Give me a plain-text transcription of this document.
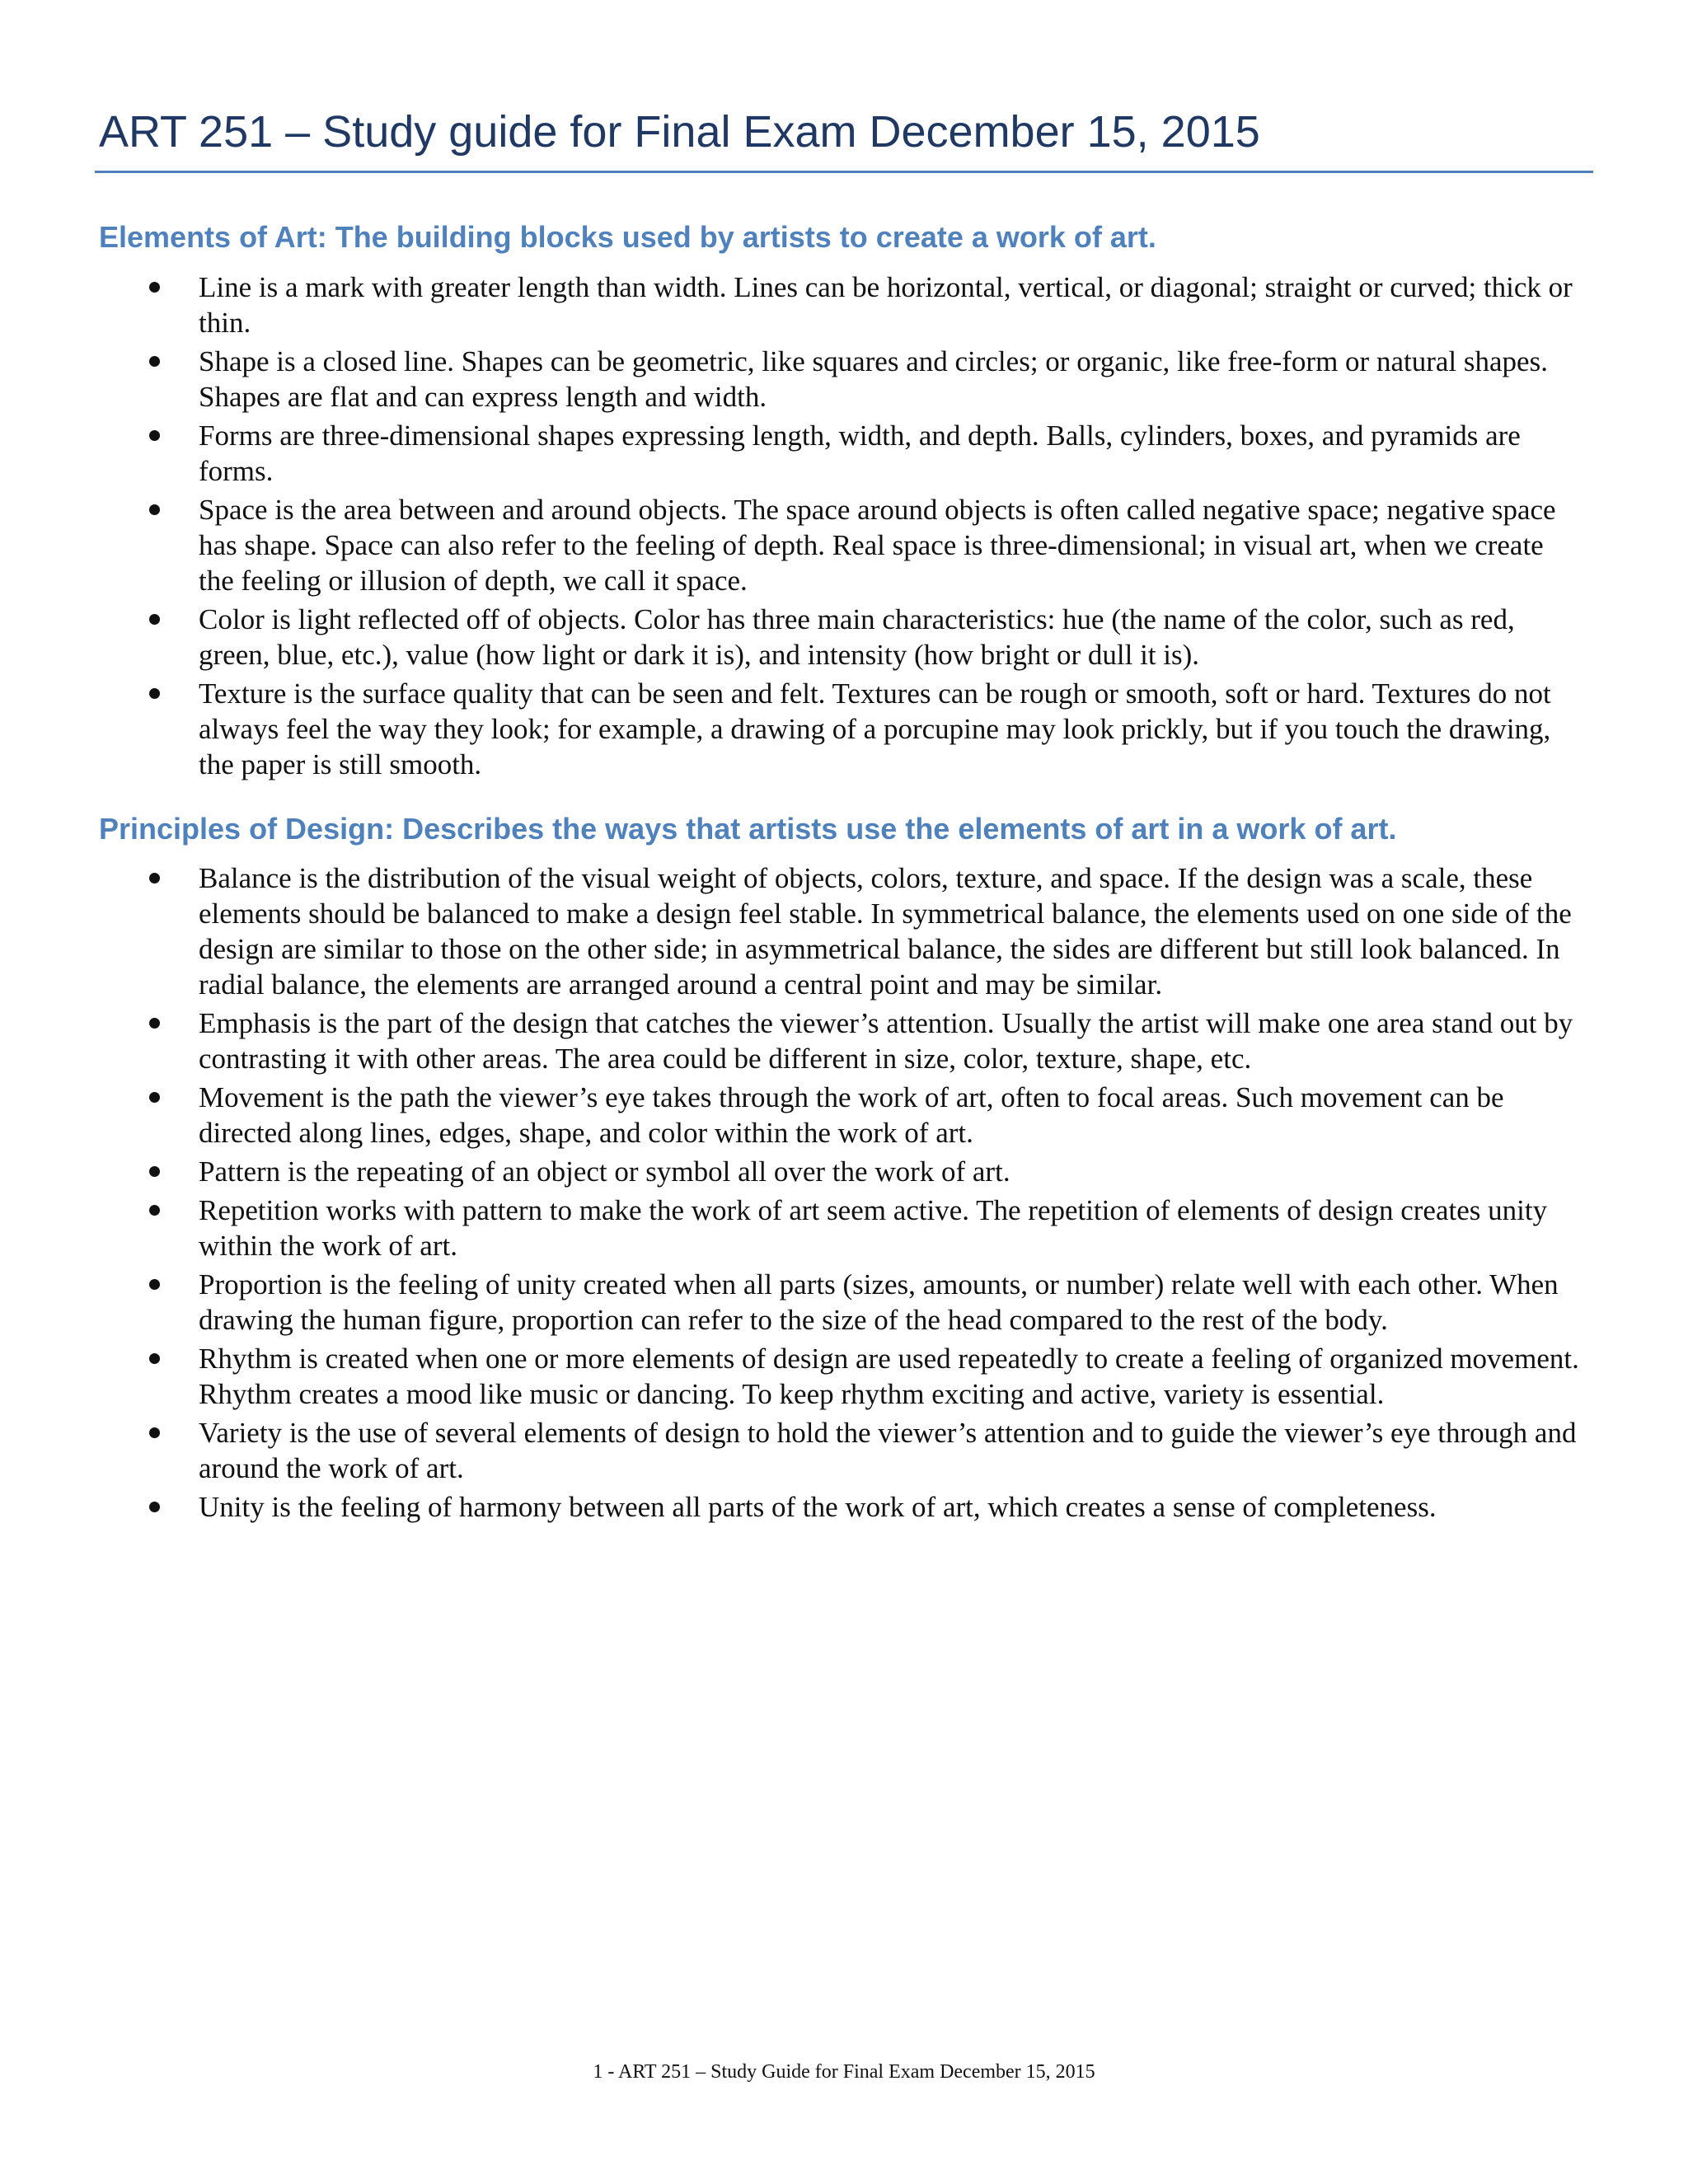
ART 251 – Study guide for Final Exam December 15, 2015
Elements of Art: The building blocks used by artists to create a work of art.
Line is a mark with greater length than width. Lines can be horizontal, vertical, or diagonal; straight or curved; thick or thin.
Shape is a closed line. Shapes can be geometric, like squares and circles; or organic, like free-form or natural shapes. Shapes are flat and can express length and width.
Forms are three-dimensional shapes expressing length, width, and depth. Balls, cylinders, boxes, and pyramids are forms.
Space is the area between and around objects. The space around objects is often called negative space; negative space has shape. Space can also refer to the feeling of depth. Real space is three-dimensional; in visual art, when we create the feeling or illusion of depth, we call it space.
Color is light reflected off of objects. Color has three main characteristics: hue (the name of the color, such as red, green, blue, etc.), value (how light or dark it is), and intensity (how bright or dull it is).
Texture is the surface quality that can be seen and felt. Textures can be rough or smooth, soft or hard. Textures do not always feel the way they look; for example, a drawing of a porcupine may look prickly, but if you touch the drawing, the paper is still smooth.
Principles of Design: Describes the ways that artists use the elements of art in a work of art.
Balance is the distribution of the visual weight of objects, colors, texture, and space. If the design was a scale, these elements should be balanced to make a design feel stable. In symmetrical balance, the elements used on one side of the design are similar to those on the other side; in asymmetrical balance, the sides are different but still look balanced. In radial balance, the elements are arranged around a central point and may be similar.
Emphasis is the part of the design that catches the viewer’s attention. Usually the artist will make one area stand out by contrasting it with other areas. The area could be different in size, color, texture, shape, etc.
Movement is the path the viewer’s eye takes through the work of art, often to focal areas. Such movement can be directed along lines, edges, shape, and color within the work of art.
Pattern is the repeating of an object or symbol all over the work of art.
Repetition works with pattern to make the work of art seem active. The repetition of elements of design creates unity within the work of art.
Proportion is the feeling of unity created when all parts (sizes, amounts, or number) relate well with each other. When drawing the human figure, proportion can refer to the size of the head compared to the rest of the body.
Rhythm is created when one or more elements of design are used repeatedly to create a feeling of organized movement. Rhythm creates a mood like music or dancing. To keep rhythm exciting and active, variety is essential.
Variety is the use of several elements of design to hold the viewer’s attention and to guide the viewer’s eye through and around the work of art.
Unity is the feeling of harmony between all parts of the work of art, which creates a sense of completeness.
1 - ART 251 – Study Guide for Final Exam December 15, 2015
